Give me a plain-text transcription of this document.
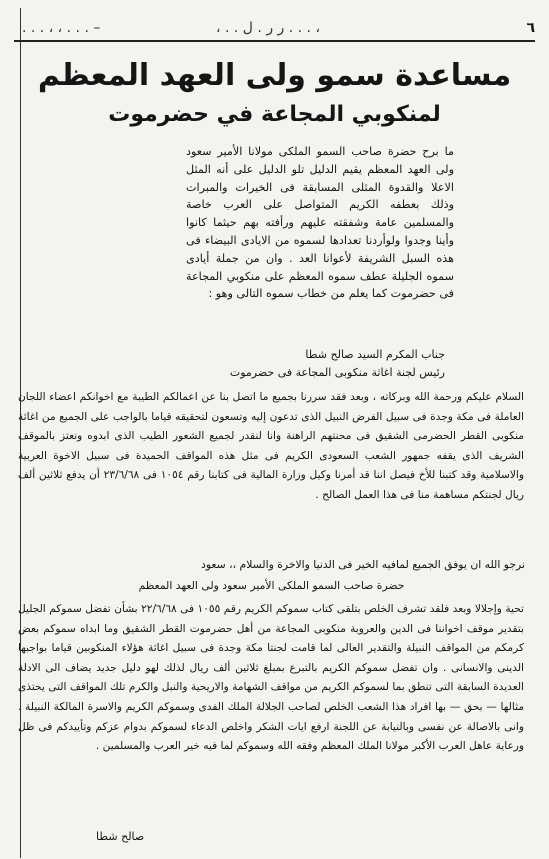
٦
، . . . ر ر . ل . . ،
– . . . ، ، . . .
مساعدة سمو ولى العهد المعظم
لمنكوبي المجاعة في حضرموت

ما برح حضرة صاحب السمو الملكى مولانا الأمير سعود ولى العهد المعظم يقيم الدليل تلو الدليل على أنه المثل الاعلا والقدوة المثلى المسابقة فى الخيرات والمبرات وذلك بعطفه الكريم المتواصل على العرب خاصة والمسلمين عامة وشفقته عليهم ورأفته بهم حيثما كانوا وأينا وجدوا ولوأردنا تعدادها لسموه من الايادى البيضاء فى هذه السبل الشريفة لأعوانا العد . وان من جملة أيادى سموه الجليلة عطف سموه المعظم على منكوبي المجاعة فى حضرموت كما يعلم من خطاب سموه التالى وهو :

جناب المكرم السيد صالح شطا
رئيس لجنة اغاثة منكوبى المجاعة فى حضرموت

السلام عليكم ورحمة الله وبركاته ، وبعد فقد سررنا بجميع ما اتصل بنا عن اعمالكم الطيبة مع اخوانكم اعضاء اللجان العاملة فى مكة وجدة فى سبيل الفرض النبيل الذى تدعون إليه وتسعون لتحقيقه قياما بالواجب على الجميع من اغاثة منكوبى القطر الحضرمى الشقيق فى محنتهم الراهنة وانا لنقدر لجميع الشعور الطيب الذى ابدوه ونعتز بالموقف الشريف الذى يقفه جمهور الشعب السعودى الكريم فى مثل هذه المواقف الحميدة فى سبيل الاخوة العربية والاسلامية وقد كتبنا للأخ فيصل اننا قد أمرنا وكيل وزارة المالية فى كتابنا رقم ١٠٥٤ فى ٢٣/٦/٦٨ أن يدفع ثلاثين ألف ريال لجنتكم مساهمة منا فى هذا العمل الصالح .

نرجو الله ان يوفق الجميع لمافيه الخير فى الدنيا والاخرة والسلام ،، سعود
حضرة صاحب السمو الملكى الأمير سعود ولى العهد المعظم

تحية وإجلالا وبعد فلقد تشرف الخلص بتلقى كتاب سموكم الكريم رقم ١٠٥٥ فى ٢٢/٦/٦٨ بشأن تفضل سموكم الجليل بتقدير موقف اخواننا فى الدين والعروبة منكوبى المجاعة من أهل حضرموت القطر الشقيق وما ابداه سموكم بعض كرمكم من المواقف النبيلة والتقدير العالى لما قامت لجنتا مكة وجدة فى سبيل اغاثة هؤلاء المنكوبين قياما بواجبها الدينى والانسانى . وان تفضل سموكم الكريم بالتبرع بمبلغ ثلاثين ألف ريال لذلك لهو دليل جديد يضاف الى الادلة العديدة السابقة التى تنطق بما لسموكم الكريم من مواقف الشهامة والاريحية والنبل والكرم تلك المواقف التى يحتذى مثالها — بحق — بها افراد هذا الشعب الخلص لصاحب الجلالة الملك الفدى وسموكم الكريم والاسرة المالكة النبيلة . وانى بالاصالة عن نفسى وبالنيابة عن اللجنة ارفع ايات الشكر واخلص الدعاء لسموكم بدوام عزكم وتأييدكم فى ظل ورعاية عاهل العرب الأكبر مولانا الملك المعظم وفقه الله وسموكم لما فيه خير العرب والمسلمين .

صالح شطا
